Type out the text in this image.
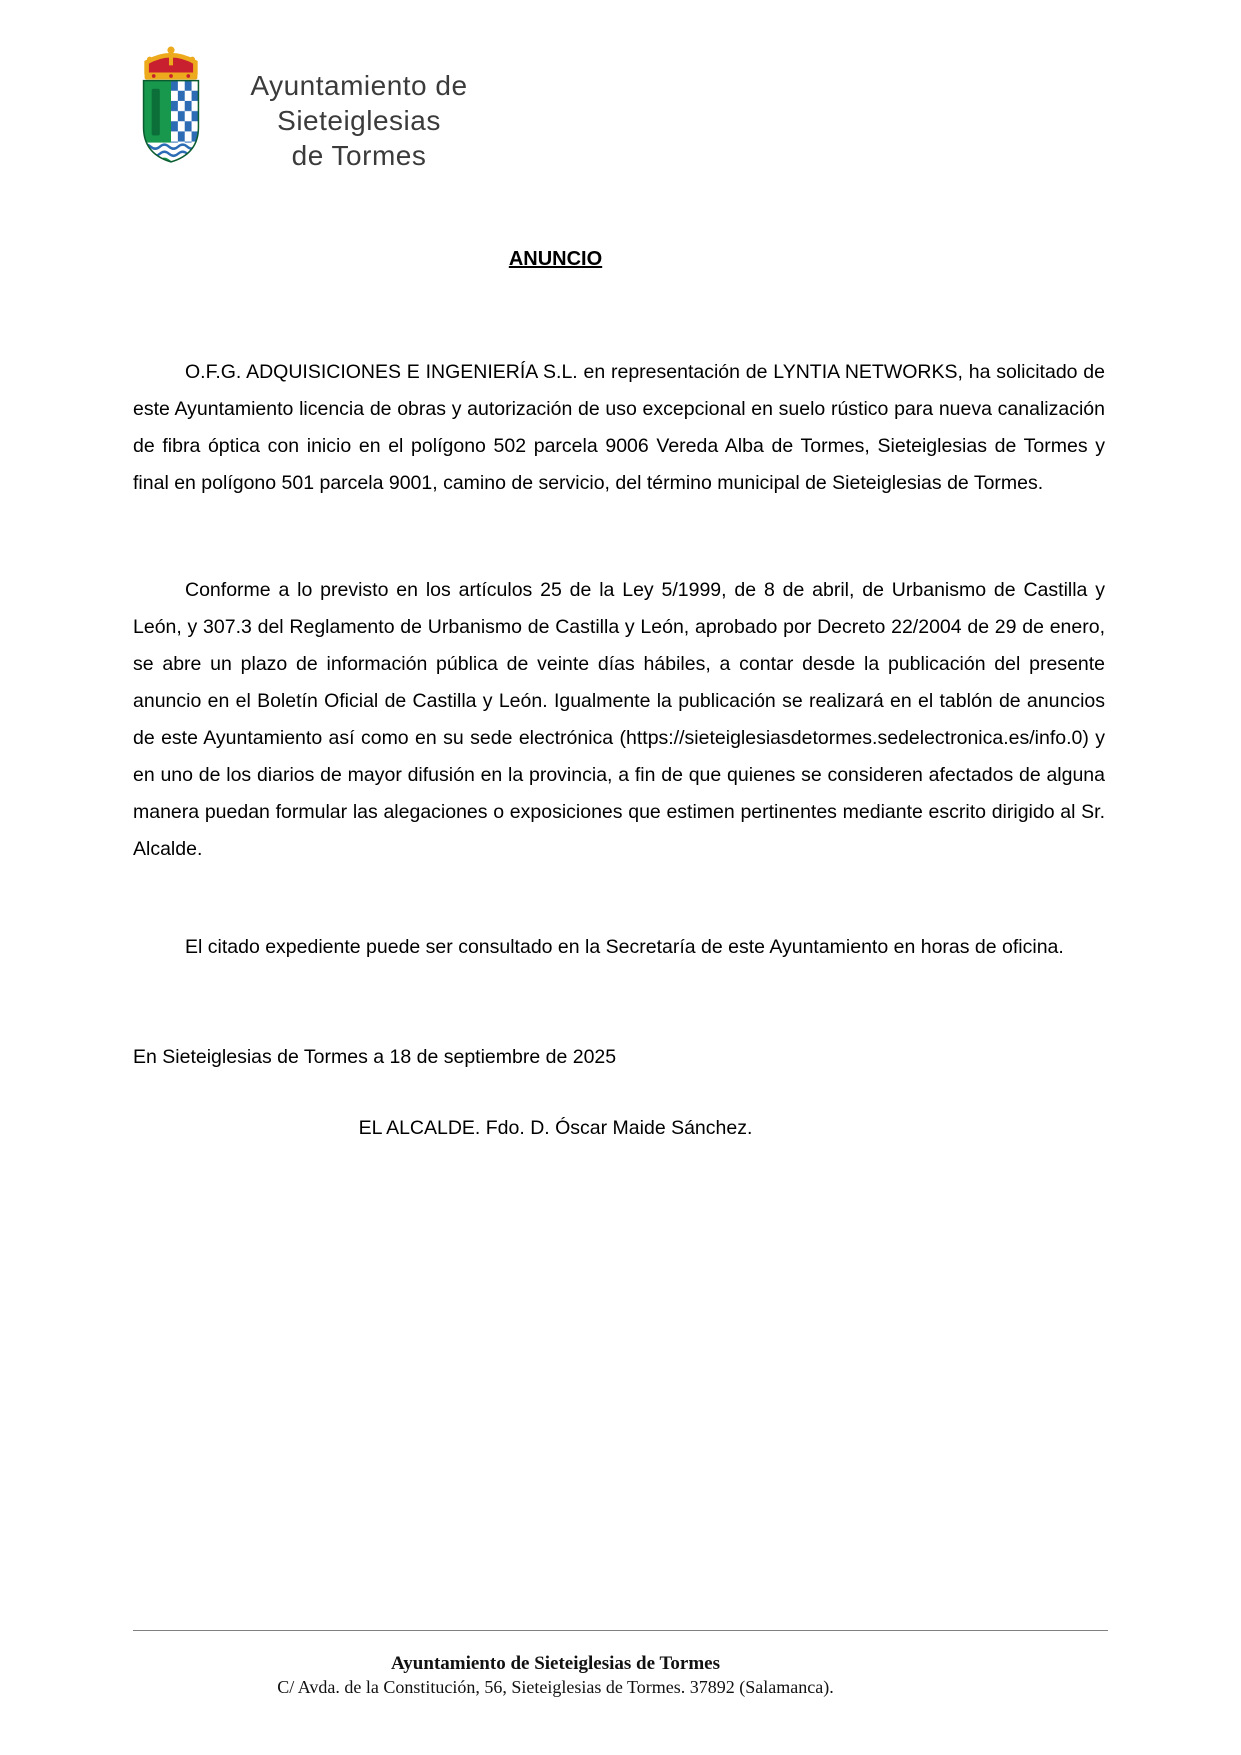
Ayuntamiento de
Sieteiglesias
de Tormes
ANUNCIO

O.F.G. ADQUISICIONES E INGENIERÍA S.L. en representación de LYNTIA NETWORKS, ha solicitado de este Ayuntamiento licencia de obras y autorización de uso excepcional en suelo rústico para nueva canalización de fibra óptica con inicio en el polígono 502 parcela 9006 Vereda Alba de Tormes, Sieteiglesias de Tormes y final en polígono 501 parcela 9001, camino de servicio, del término municipal de Sieteiglesias de Tormes.

Conforme a lo previsto en los artículos 25 de la Ley 5/1999, de 8 de abril, de Urbanismo de Castilla y León, y 307.3 del Reglamento de Urbanismo de Castilla y León, aprobado por Decreto 22/2004 de 29 de enero, se abre un plazo de información pública de veinte días hábiles, a contar desde la publicación del presente anuncio en el Boletín Oficial de Castilla y León. Igualmente la publicación se realizará en el tablón de anuncios de este Ayuntamiento así como en su sede electrónica (https://sieteiglesiasdetormes.sedelectronica.es/info.0) y en uno de los diarios de mayor difusión en la provincia, a fin de que quienes se consideren afectados de alguna manera puedan formular las alegaciones o exposiciones que estimen pertinentes mediante escrito dirigido al Sr. Alcalde.

El citado expediente puede ser consultado en la Secretaría de este Ayuntamiento en horas de oficina.

En Sieteiglesias de Tormes a 18 de septiembre de 2025

EL ALCALDE. Fdo. D. Óscar Maide Sánchez.

Ayuntamiento de Sieteiglesias de Tormes
C/ Avda. de la Constitución, 56, Sieteiglesias de Tormes. 37892 (Salamanca).
